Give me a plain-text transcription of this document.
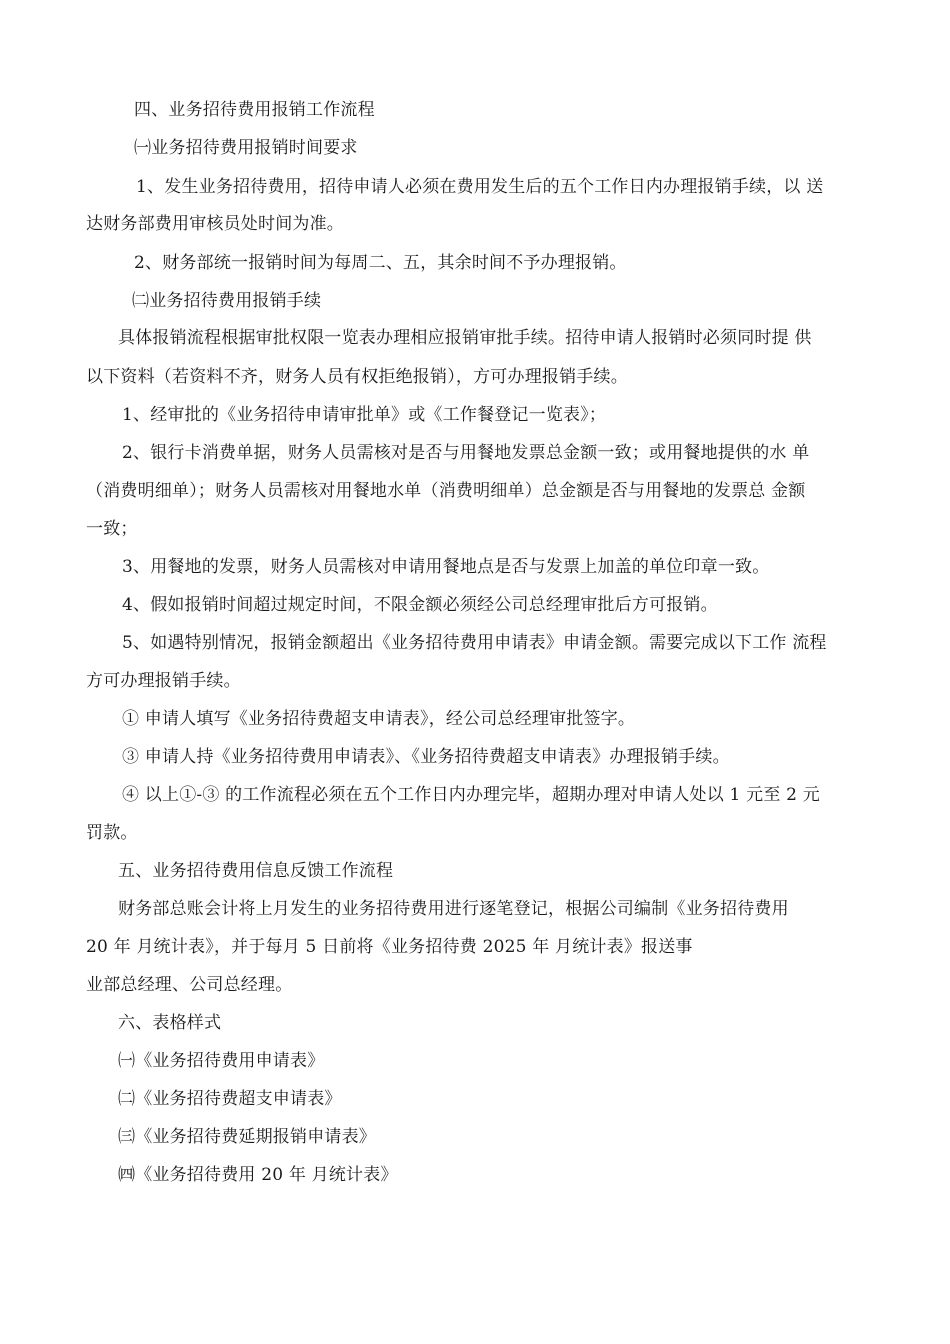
四、业务招待费用报销工作流程
㈠业务招待费用报销时间要求
1、发生业务招待费用，招待申请人必须在费用发生后的五个工作日内办理报销手续，以 送
达财务部费用审核员处时间为准。
2、财务部统一报销时间为每周二、五，其余时间不予办理报销。
㈡业务招待费用报销手续
具体报销流程根据审批权限一览表办理相应报销审批手续。招待申请人报销时必须同时提 供
以下资料（若资料不齐，财务人员有权拒绝报销），方可办理报销手续。
1、经审批的《业务招待申请审批单》或《工作餐登记一览表》；
2、银行卡消费单据，财务人员需核对是否与用餐地发票总金额一致；或用餐地提供的水 单
（消费明细单）；财务人员需核对用餐地水单（消费明细单）总金额是否与用餐地的发票总 金额
一致；
3、用餐地的发票，财务人员需核对申请用餐地点是否与发票上加盖的单位印章一致。
4、假如报销时间超过规定时间，不限金额必须经公司总经理审批后方可报销。
5、如遇特别情况，报销金额超出《业务招待费用申请表》申请金额。需要完成以下工作 流程
方可办理报销手续。
① 申请人填写《业务招待费超支申请表》，经公司总经理审批签字。
③ 申请人持《业务招待费用申请表》、《业务招待费超支申请表》办理报销手续。
④ 以上①-③ 的工作流程必须在五个工作日内办理完毕，超期办理对申请人处以 1 元至 2 元
罚款。
五、业务招待费用信息反馈工作流程
财务部总账会计将上月发生的业务招待费用进行逐笔登记，根据公司编制《业务招待费用
20 年 月统计表》，并于每月 5 日前将《业务招待费 2025 年 月统计表》报送事
业部总经理、公司总经理。
六、表格样式
㈠《业务招待费用申请表》
㈡《业务招待费超支申请表》
㈢《业务招待费延期报销申请表》
㈣《业务招待费用 20 年 月统计表》
